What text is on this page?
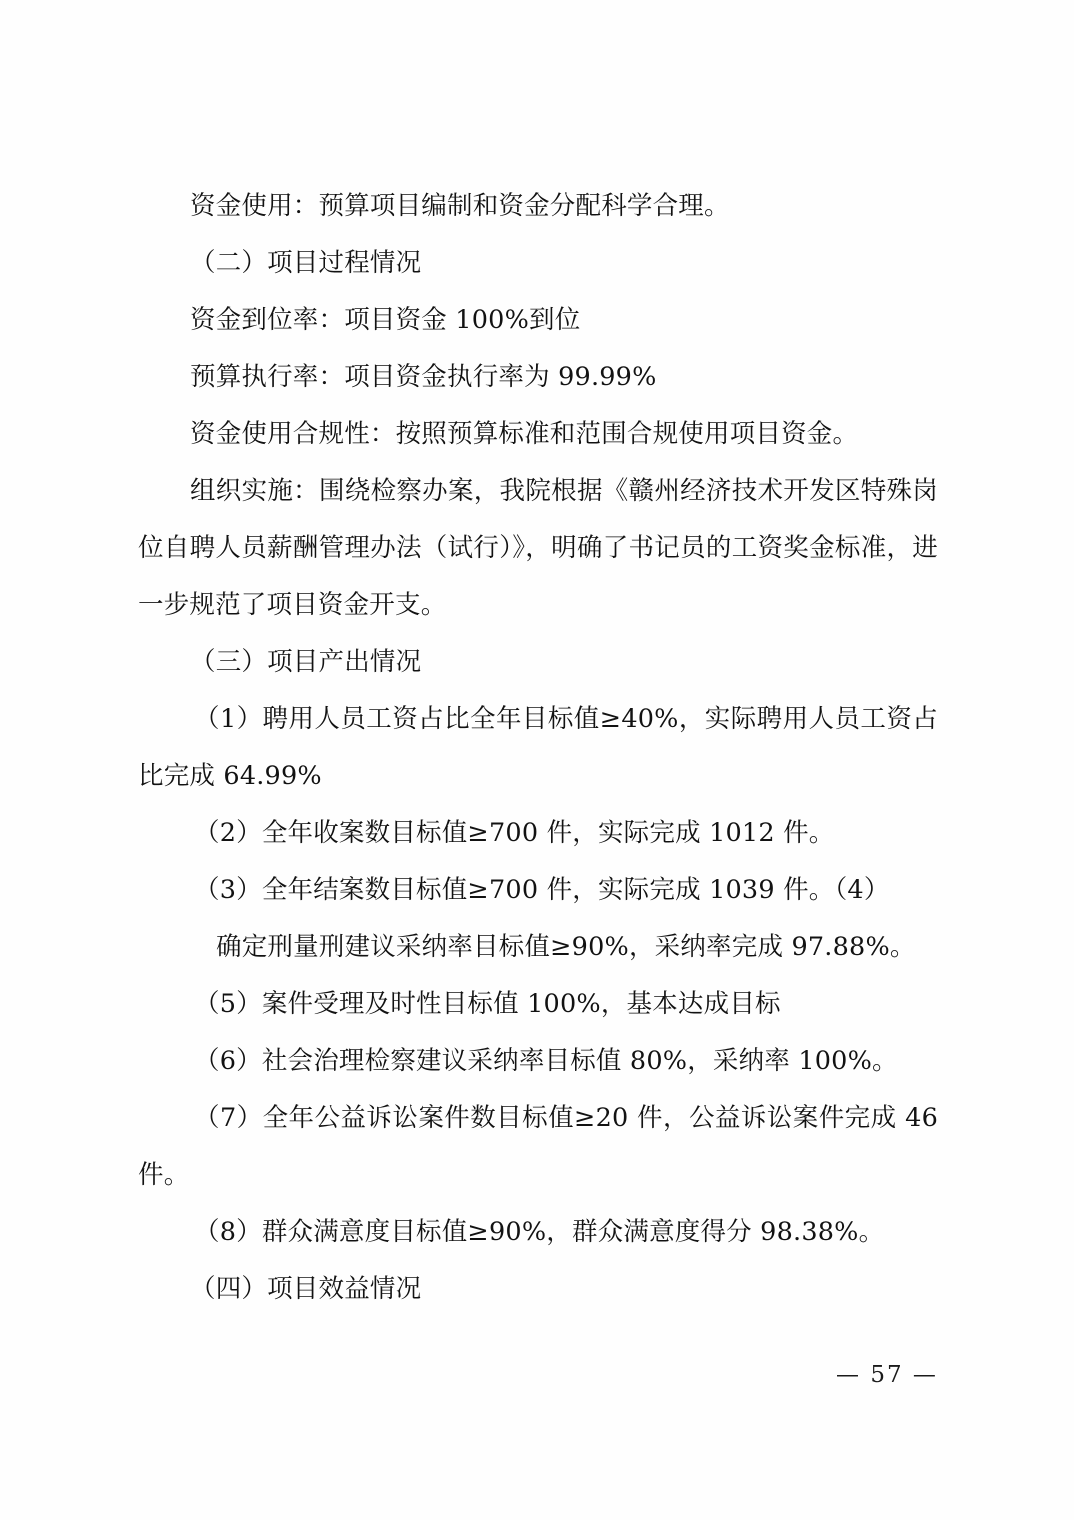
资金使用：预算项目编制和资金分配科学合理。

（二）项目过程情况

资金到位率：项目资金 100%到位

预算执行率：项目资金执行率为 99.99%

资金使用合规性：按照预算标准和范围合规使用项目资金。

组织实施：围绕检察办案，我院根据《赣州经济技术开发区特殊岗位自聘人员薪酬管理办法（试行）》，明确了书记员的工资奖金标准，进一步规范了项目资金开支。

（三）项目产出情况

（1）聘用人员工资占比全年目标值≥40%，实际聘用人员工资占比完成 64.99%

（2）全年收案数目标值≥700 件，实际完成 1012 件。

（3）全年结案数目标值≥700 件，实际完成 1039 件。（4）

确定刑量刑建议采纳率目标值≥90%，采纳率完成 97.88%。

（5）案件受理及时性目标值 100%，基本达成目标

（6）社会治理检察建议采纳率目标值 80%，采纳率 100%。

（7）全年公益诉讼案件数目标值≥20 件，公益诉讼案件完成 46 件。

（8）群众满意度目标值≥90%，群众满意度得分 98.38%。

（四）项目效益情况

— 57 —
